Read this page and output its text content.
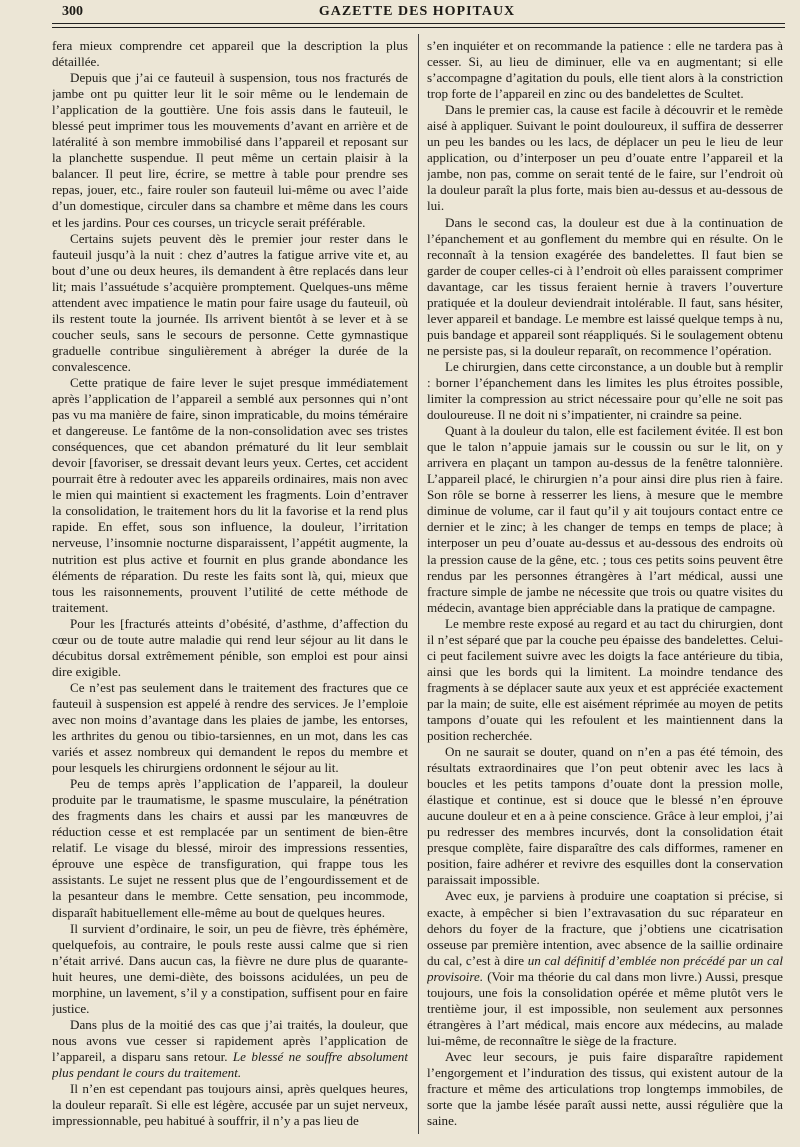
300	GAZETTE DES HOPITAUX

fera mieux comprendre cet appareil que la description la plus détaillée.

Depuis que j’ai ce fauteuil à suspension, tous nos fracturés de jambe ont pu quitter leur lit le soir même ou le lendemain de l’application de la gouttière. Une fois assis dans le fauteuil, le blessé peut imprimer tous les mouvements d’avant en arrière et de latéralité à son membre immobilisé dans l’appareil et reposant sur la planchette suspendue. Il peut même un certain plaisir à la balancer. Il peut lire, écrire, se mettre à table pour prendre ses repas, jouer, etc., faire rouler son fauteuil lui-même ou avec l’aide d’un domestique, circuler dans sa chambre et même dans les cours et les jardins. Pour ces courses, un tricycle serait préférable.

Certains sujets peuvent dès le premier jour rester dans le fauteuil jusqu’à la nuit : chez d’autres la fatigue arrive vite et, au bout d’une ou deux heures, ils demandent à être replacés dans leur lit; mais l’assuétude s’acquière promptement. Quelques-uns même attendent avec impatience le matin pour faire usage du fauteuil, où ils restent toute la journée. Ils arrivent bientôt à se lever et à se coucher seuls, sans le secours de personne. Cette gymnastique graduelle contribue singulièrement à abréger la durée de la convalescence.

Cette pratique de faire lever le sujet presque immédiatement après l’application de l’appareil a semblé aux personnes qui n’ont pas vu ma manière de faire, sinon impraticable, du moins téméraire et dangereuse. Le fantôme de la non-consolidation avec ses tristes conséquences, que cet abandon prématuré du lit leur semblait devoir [favoriser, se dressait devant leurs yeux. Certes, cet accident pourrait être à redouter avec les appareils ordinaires, mais non avec le mien qui maintient si exactement les fragments. Loin d’entraver la consolidation, le traitement hors du lit la favorise et la rend plus rapide. En effet, sous son influence, la douleur, l’irritation nerveuse, l’insomnie nocturne disparaissent, l’appétit augmente, la nutrition est plus active et fournit en plus grande abondance les éléments de réparation. Du reste les faits sont là, qui, mieux que tous les raisonnements, prouvent l’utilité de cette méthode de traitement.

Pour les [fracturés atteints d’obésité, d’asthme, d’affection du cœur ou de toute autre maladie qui rend leur séjour au lit dans le décubitus dorsal extrêmement pénible, son emploi est pour ainsi dire exigible.

Ce n’est pas seulement dans le traitement des fractures que ce fauteuil à suspension est appelé à rendre des services. Je l’emploie avec non moins d’avantage dans les plaies de jambe, les entorses, les arthrites du genou ou tibio-tarsiennes, en un mot, dans les cas variés et assez nombreux qui demandent le repos du membre et pour lesquels les chirurgiens ordonnent le séjour au lit.

Peu de temps après l’application de l’appareil, la douleur produite par le traumatisme, le spasme musculaire, la pénétration des fragments dans les chairs et aussi par les manœuvres de réduction cesse et est remplacée par un sentiment de bien-être relatif. Le visage du blessé, miroir des impressions ressenties, éprouve une espèce de transfiguration, qui frappe tous les assistants. Le sujet ne ressent plus que de l’engourdissement et de la pesanteur dans le membre. Cette sensation, peu incommode, disparaît habituellement elle-même au bout de quelques heures.

Il survient d’ordinaire, le soir, un peu de fièvre, très éphémère, quelquefois, au contraire, le pouls reste aussi calme que si rien n’était arrivé. Dans aucun cas, la fièvre ne dure plus de quarante-huit heures, une demi-diète, des boissons acidulées, un peu de morphine, un lavement, s’il y a constipation, suffisent pour en faire justice.

Dans plus de la moitié des cas que j’ai traités, la douleur, que nous avons vue cesser si rapidement après l’application de l’appareil, a disparu sans retour. Le blessé ne souffre absolument plus pendant le cours du traitement.

Il n’en est cependant pas toujours ainsi, après quelques heures, la douleur reparaît. Si elle est légère, accusée par un sujet nerveux, impressionnable, peu habitué à souffrir, il n’y a pas lieu de

s’en inquiéter et on recommande la patience : elle ne tardera pas à cesser. Si, au lieu de diminuer, elle va en augmentant; si elle s’accompagne d’agitation du pouls, elle tient alors à la constriction trop forte de l’appareil en zinc ou des bandelettes de Scultet.

Dans le premier cas, la cause est facile à découvrir et le remède aisé à appliquer. Suivant le point douloureux, il suffira de desserrer un peu les bandes ou les lacs, de déplacer un peu le lieu de leur application, ou d’interposer un peu d’ouate entre l’appareil et la jambe, non pas, comme on serait tenté de le faire, sur l’endroit où la douleur paraît la plus forte, mais bien au-dessus et au-dessous de lui.

Dans le second cas, la douleur est due à la continuation de l’épanchement et au gonflement du membre qui en résulte. On le reconnaît à la tension exagérée des bandelettes. Il faut bien se garder de couper celles-ci à l’endroit où elles paraissent comprimer davantage, car les tissus feraient hernie à travers l’ouverture pratiquée et la douleur deviendrait intolérable. Il faut, sans hésiter, lever appareil et bandage. Le membre est laissé quelque temps à nu, puis bandage et appareil sont réappliqués. Si le soulagement obtenu ne persiste pas, si la douleur reparaît, on recommence l’opération.

Le chirurgien, dans cette circonstance, a un double but à remplir : borner l’épanchement dans les limites les plus étroites possible, limiter la compression au strict nécessaire pour qu’elle ne soit pas douloureuse. Il ne doit ni s’impatienter, ni craindre sa peine.

Quant à la douleur du talon, elle est facilement évitée. Il est bon que le talon n’appuie jamais sur le coussin ou sur le lit, on y arrivera en plaçant un tampon au-dessus de la fenêtre talonnière. L’appareil placé, le chirurgien n’a pour ainsi dire plus rien à faire. Son rôle se borne à resserrer les liens, à mesure que le membre diminue de volume, car il faut qu’il y ait toujours contact entre ce dernier et le zinc; à les changer de temps en temps de place; à interposer un peu d’ouate au-dessus et au-dessous des endroits où la pression cause de la gêne, etc. ; tous ces petits soins peuvent être rendus par les personnes étrangères à l’art médical, aussi une fracture simple de jambe ne nécessite que trois ou quatre visites du médecin, avantage bien appréciable dans la pratique de campagne.

Le membre reste exposé au regard et au tact du chirurgien, dont il n’est séparé que par la couche peu épaisse des bandelettes. Celui-ci peut facilement suivre avec les doigts la face antérieure du tibia, ainsi que les bords qui la limitent. La moindre tendance des fragments à se déplacer saute aux yeux et est appréciée exactement par la main; de suite, elle est aisément réprimée au moyen de petits tampons d’ouate qui les refoulent et les maintiennent dans la position recherchée.

On ne saurait se douter, quand on n’en a pas été témoin, des résultats extraordinaires que l’on peut obtenir avec les lacs à boucles et les petits tampons d’ouate dont la pression molle, élastique et continue, est si douce que le blessé n’en éprouve aucune douleur et en a à peine conscience. Grâce à leur emploi, j’ai pu redresser des membres incurvés, dont la consolidation était presque complète, faire disparaître des cals difformes, ramener en position, faire adhérer et revivre des esquilles dont la conservation paraissait impossible.

Avec eux, je parviens à produire une coaptation si précise, si exacte, à empêcher si bien l’extravasation du suc réparateur en dehors du foyer de la fracture, que j’obtiens une cicatrisation osseuse par première intention, avec absence de la saillie ordinaire du cal, c’est à dire un cal définitif d’emblée non précédé par un cal provisoire. (Voir ma théorie du cal dans mon livre.) Aussi, presque toujours, une fois la consolidation opérée et même plutôt vers le trentième jour, il est impossible, non seulement aux personnes étrangères à l’art médical, mais encore aux médecins, au malade lui-même, de reconnaître le siège de la fracture.

Avec leur secours, je puis faire disparaître rapidement l’engorgement et l’induration des tissus, qui existent autour de la fracture et même des articulations trop longtemps immobiles, de sorte que la jambe lésée paraît aussi nette, aussi régulière que la saine.
